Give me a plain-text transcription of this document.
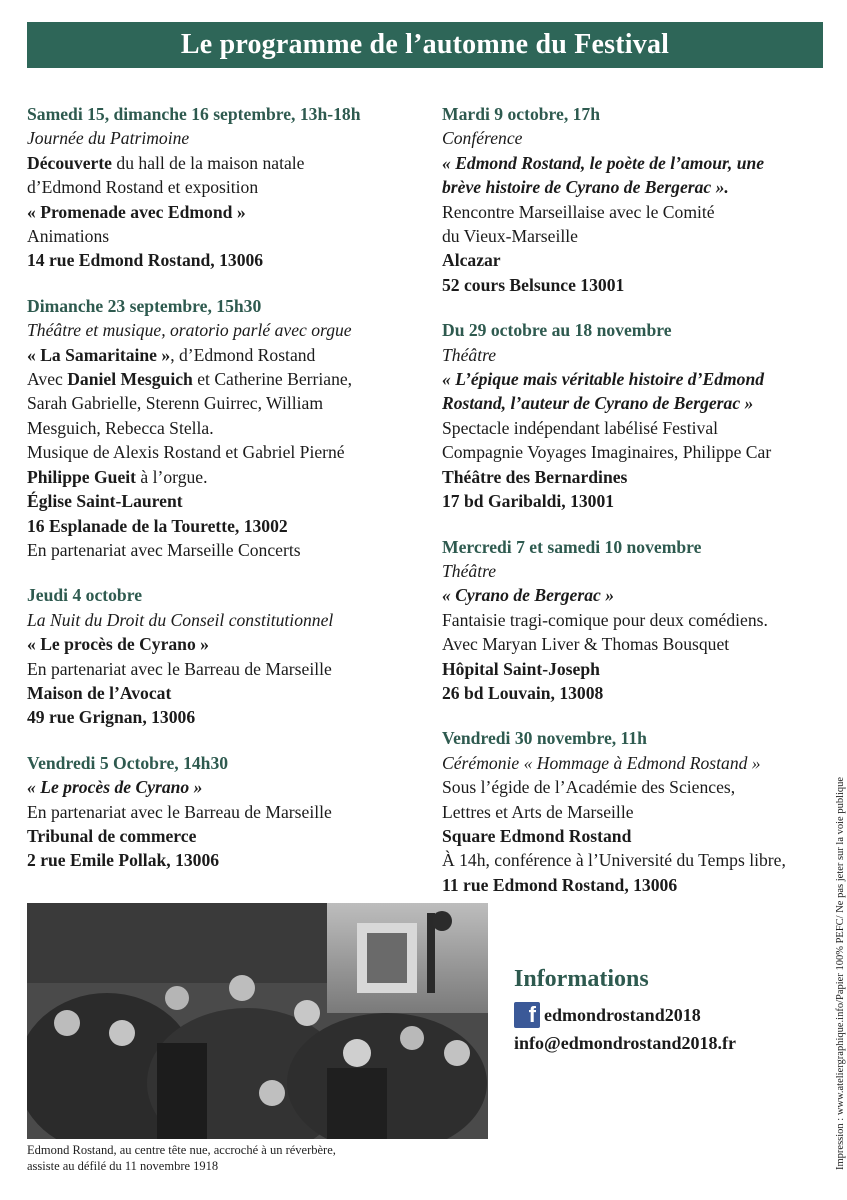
Le programme de l’automne du Festival
Samedi 15, dimanche 16 septembre, 13h-18h
Journée du Patrimoine
Découverte du hall de la maison natale
d’Edmond Rostand et exposition
« Promenade avec Edmond »
Animations
14 rue Edmond Rostand, 13006
Dimanche 23 septembre, 15h30
Théâtre et musique, oratorio parlé avec orgue
« La Samaritaine », d’Edmond Rostand
Avec Daniel Mesguich et Catherine Berriane,
Sarah Gabrielle, Sterenn Guirrec, William
Mesguich, Rebecca Stella.
Musique de Alexis Rostand et Gabriel Pierné
Philippe Gueit à l’orgue.
Église Saint-Laurent
16 Esplanade de la Tourette, 13002
En partenariat avec Marseille Concerts
Jeudi 4 octobre
La Nuit du Droit du Conseil constitutionnel
« Le procès de Cyrano »
En partenariat avec le Barreau de Marseille
Maison de l’Avocat
49 rue Grignan, 13006
Vendredi 5 Octobre, 14h30
« Le procès de Cyrano »
En partenariat avec le Barreau de Marseille
Tribunal de commerce
2 rue Emile Pollak, 13006
Mardi 9 octobre, 17h
Conférence
« Edmond Rostand, le poète de l’amour, une
brève histoire de Cyrano de Bergerac ».
Rencontre Marseillaise avec le Comité
du Vieux-Marseille
Alcazar
52 cours Belsunce 13001
Du 29 octobre au 18 novembre
Théâtre
« L’épique mais véritable histoire d’Edmond
Rostand, l’auteur de Cyrano de Bergerac »
Spectacle indépendant labélisé Festival
Compagnie Voyages Imaginaires, Philippe Car
Théâtre des Bernardines
17 bd Garibaldi, 13001
Mercredi 7 et samedi 10 novembre
Théâtre
« Cyrano de Bergerac »
Fantaisie tragi-comique pour deux comédiens.
Avec Maryan Liver & Thomas Bousquet
Hôpital Saint-Joseph
26 bd Louvain, 13008
Vendredi 30 novembre, 11h
Cérémonie « Hommage à Edmond Rostand »
Sous l’égide de l’Académie des Sciences,
Lettres et Arts de Marseille
Square Edmond Rostand
À 14h, conférence à l’Université du Temps libre,
11 rue Edmond Rostand, 13006
Edmond Rostand, au centre tête nue, accroché à un réverbère,
assiste au défilé du 11 novembre 1918
Informations
f edmondrostand2018
info@edmondrostand2018.fr	Impression : www.ateliergraphique.info/Papier 100% PEFC/ Ne pas jeter sur la voie publique
